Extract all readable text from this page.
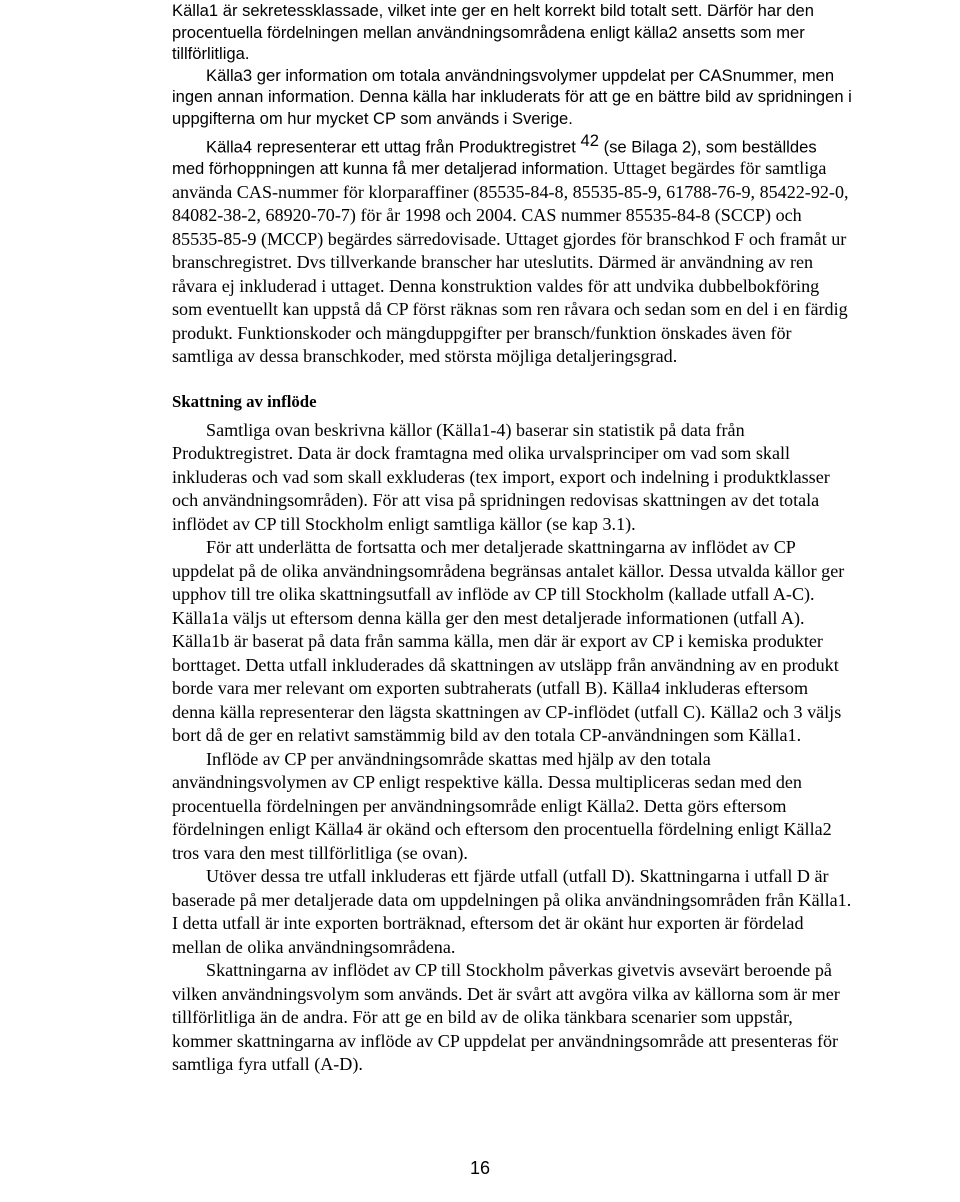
Källa1 är sekretessklassade, vilket inte ger en helt korrekt bild totalt sett. Därför har den procentuella fördelningen mellan användningsområdena enligt källa2 ansetts som mer tillförlitliga.

Källa3 ger information om totala användningsvolymer uppdelat per CASnummer, men ingen annan information. Denna källa har inkluderats för att ge en bättre bild av spridningen i uppgifterna om hur mycket CP som används i Sverige.

Källa4 representerar ett uttag från Produktregistret $^{42}$ (se Bilaga 2), som beställdes med förhoppningen att kunna få mer detaljerad information. Uttaget begärdes för samtliga använda CAS-nummer för klorparaffiner (85535-84-8, 85535-85-9, 61788-76-9, 85422-92-0, 84082-38-2, 68920-70-7) för år 1998 och 2004. CAS nummer 85535-84-8 (SCCP) och 85535-85-9 (MCCP) begärdes särredovisade. Uttaget gjordes för branschkod F och framåt ur branschregistret. Dvs tillverkande branscher har uteslutits. Därmed är användning av ren råvara ej inkluderad i uttaget. Denna konstruktion valdes för att undvika dubbelbokföring som eventuellt kan uppstå då CP först räknas som ren råvara och sedan som en del i en färdig produkt. Funktionskoder och mängduppgifter per bransch/funktion önskades även för samtliga av dessa branschkoder, med största möjliga detaljeringsgrad.

Skattning av inflöde

Samtliga ovan beskrivna källor (Källa1-4) baserar sin statistik på data från Produktregistret. Data är dock framtagna med olika urvalsprinciper om vad som skall inkluderas och vad som skall exkluderas (tex import, export och indelning i produktklasser och användningsområden). För att visa på spridningen redovisas skattningen av det totala inflödet av CP till Stockholm enligt samtliga källor (se kap 3.1).

För att underlätta de fortsatta och mer detaljerade skattningarna av inflödet av CP uppdelat på de olika användningsområdena begränsas antalet källor. Dessa utvalda källor ger upphov till tre olika skattningsutfall av inflöde av CP till Stockholm (kallade utfall A-C). Källa1a väljs ut eftersom denna källa ger den mest detaljerade informationen (utfall A). Källa1b är baserat på data från samma källa, men där är export av CP i kemiska produkter borttaget. Detta utfall inkluderades då skattningen av utsläpp från användning av en produkt borde vara mer relevant om exporten subtraherats (utfall B). Källa4 inkluderas eftersom denna källa representerar den lägsta skattningen av CP-inflödet (utfall C). Källa2 och 3 väljs bort då de ger en relativt samstämmig bild av den totala CP-användningen som Källa1.

Inflöde av CP per användningsområde skattas med hjälp av den totala användningsvolymen av CP enligt respektive källa. Dessa multipliceras sedan med den procentuella fördelningen per användningsområde enligt Källa2. Detta görs eftersom fördelningen enligt Källa4 är okänd och eftersom den procentuella fördelning enligt Källa2 tros vara den mest tillförlitliga (se ovan).

Utöver dessa tre utfall inkluderas ett fjärde utfall (utfall D). Skattningarna i utfall D är baserade på mer detaljerade data om uppdelningen på olika användningsområden från Källa1. I detta utfall är inte exporten borträknad, eftersom det är okänt hur exporten är fördelad mellan de olika användningsområdena.

Skattningarna av inflödet av CP till Stockholm påverkas givetvis avsevärt beroende på vilken användningsvolym som används. Det är svårt att avgöra vilka av källorna som är mer tillförlitliga än de andra. För att ge en bild av de olika tänkbara scenarier som uppstår, kommer skattningarna av inflöde av CP uppdelat per användningsområde att presenteras för samtliga fyra utfall (A-D).

16
